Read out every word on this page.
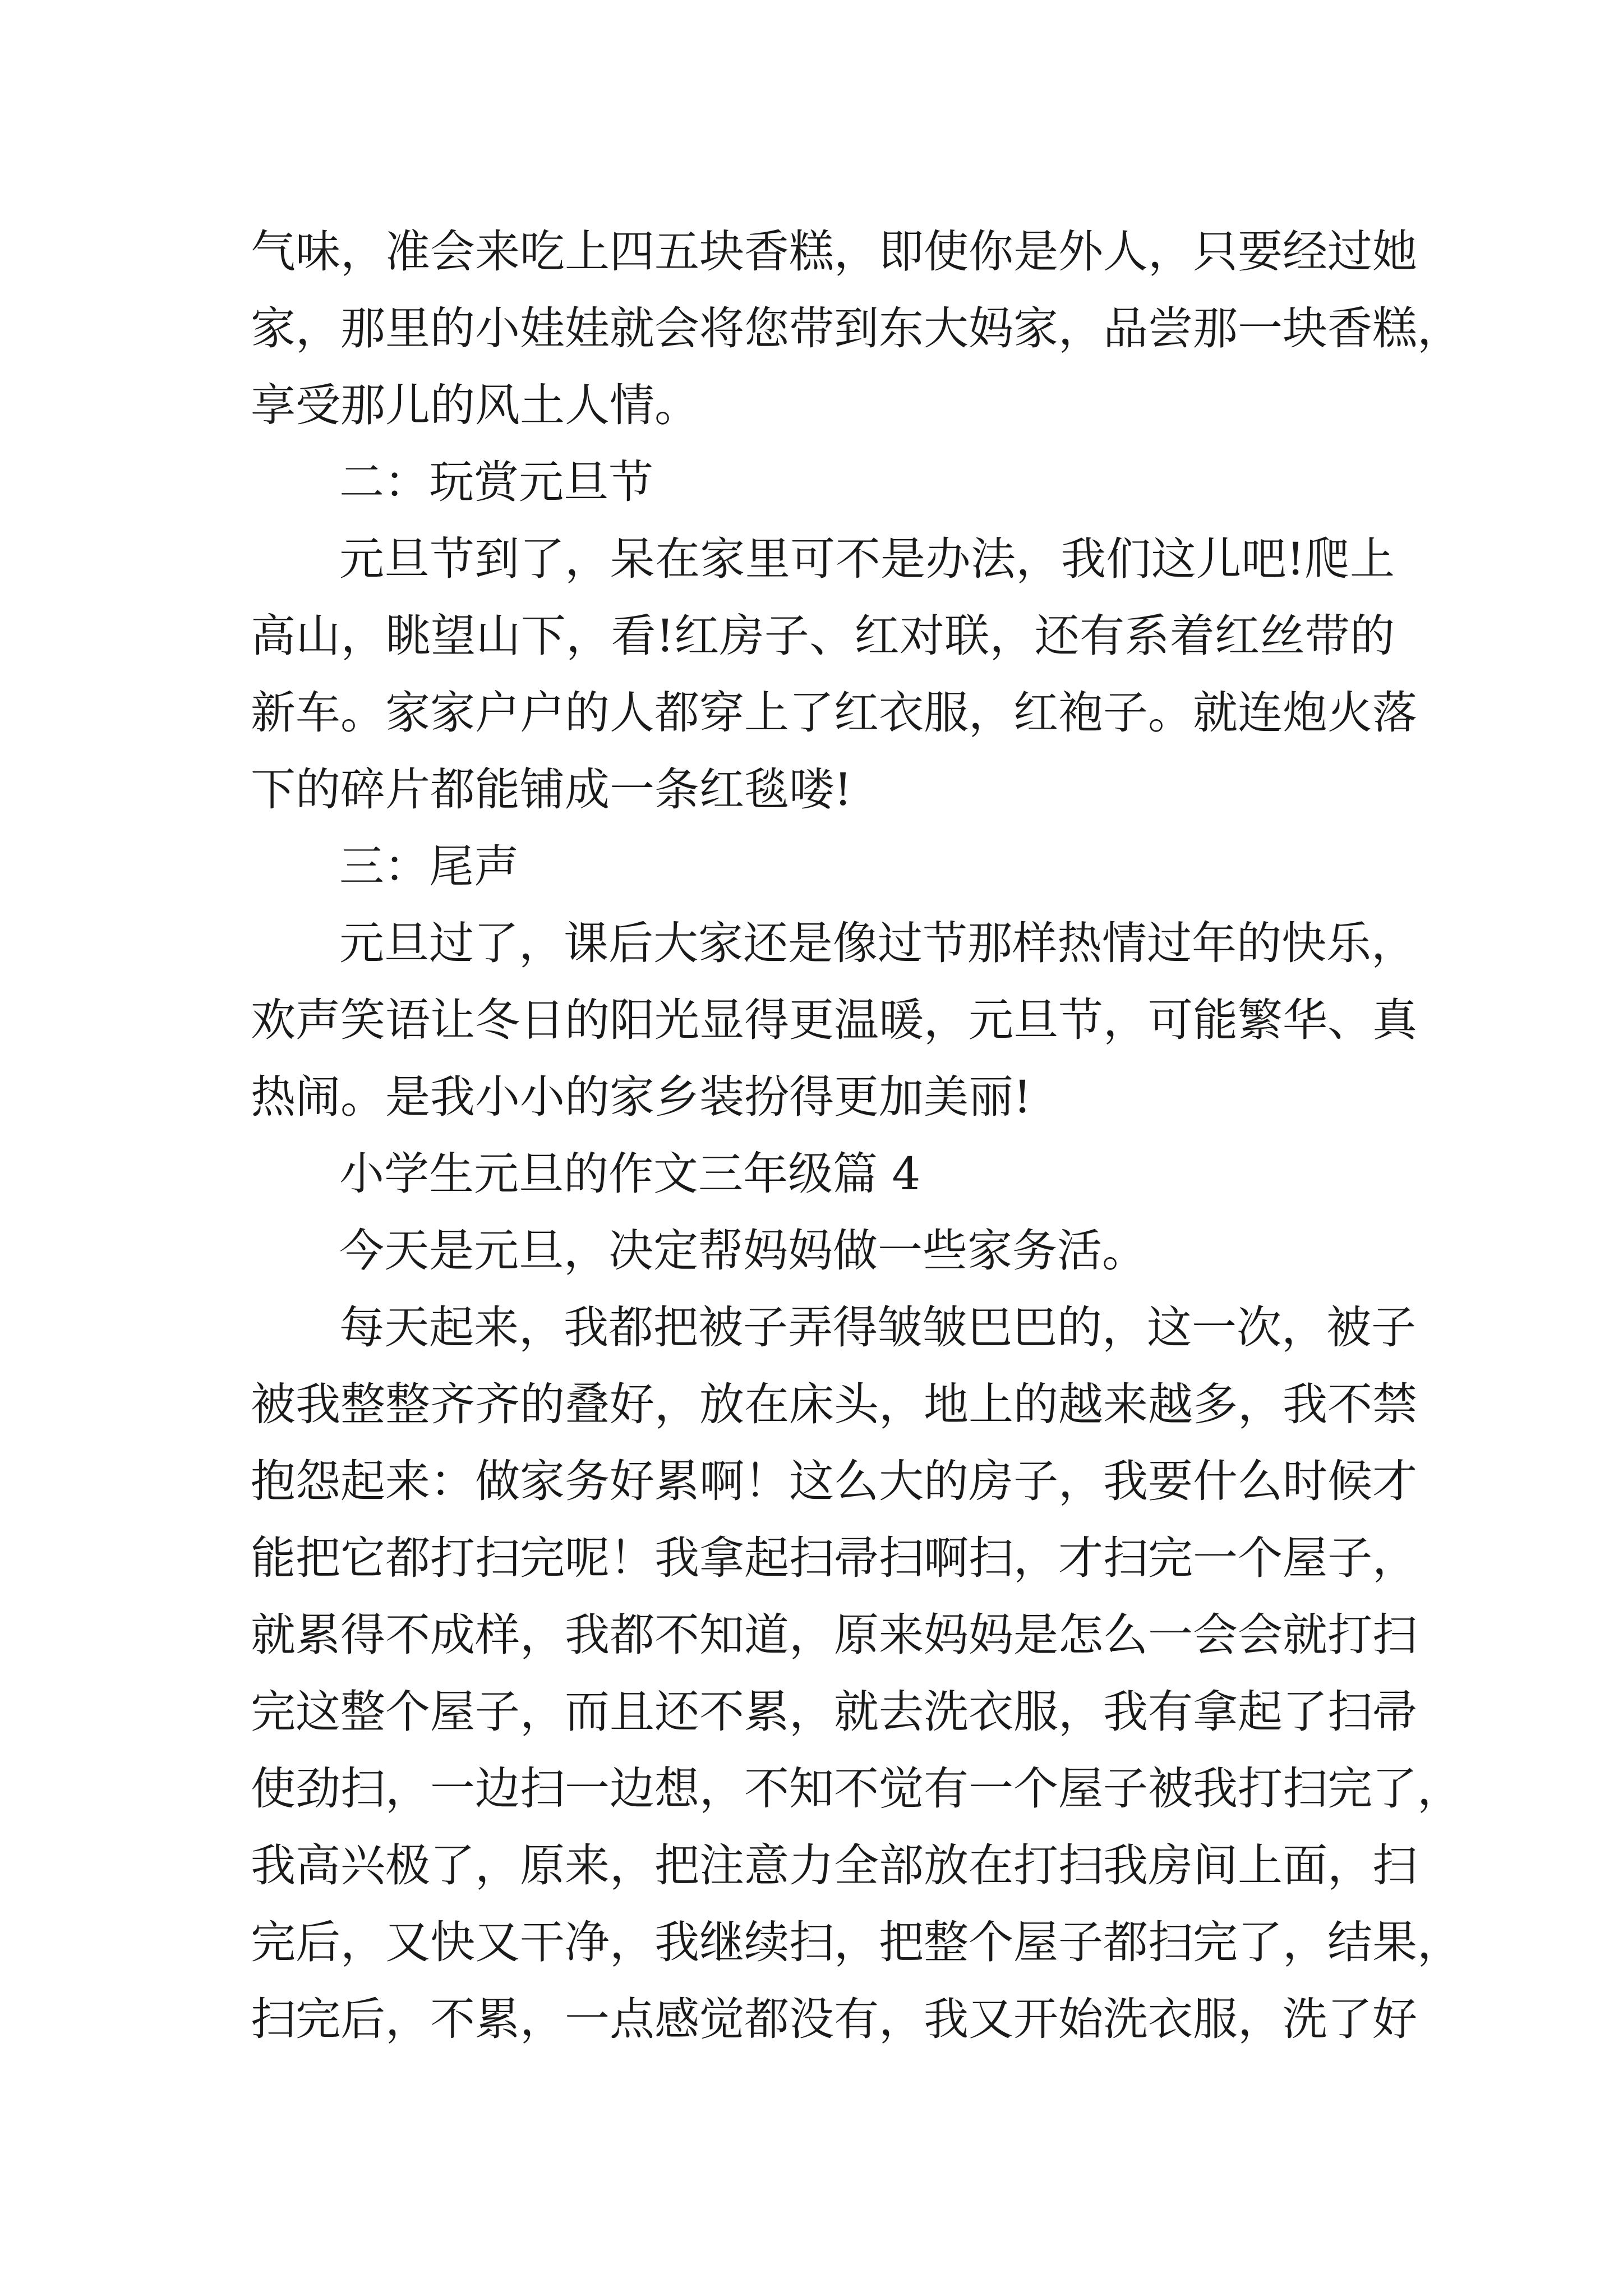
气味，准会来吃上四五块香糕，即使你是外人，只要经过她
家，那里的小娃娃就会将您带到东大妈家，品尝那一块香糕，
享受那儿的风土人情。
二：玩赏元旦节
元旦节到了，呆在家里可不是办法，我们这儿吧!爬上
高山，眺望山下，看!红房子、红对联，还有系着红丝带的
新车。家家户户的人都穿上了红衣服，红袍子。就连炮火落
下的碎片都能铺成一条红毯喽!
三：尾声
元旦过了，课后大家还是像过节那样热情过年的快乐，
欢声笑语让冬日的阳光显得更温暖，元旦节，可能繁华、真
热闹。是我小小的家乡装扮得更加美丽!
小学生元旦的作文三年级篇 4
今天是元旦，决定帮妈妈做一些家务活。
每天起来，我都把被子弄得皱皱巴巴的，这一次，被子
被我整整齐齐的叠好，放在床头，地上的越来越多，我不禁
抱怨起来：做家务好累啊！这么大的房子，我要什么时候才
能把它都打扫完呢！我拿起扫帚扫啊扫，才扫完一个屋子，
就累得不成样，我都不知道，原来妈妈是怎么一会会就打扫
完这整个屋子，而且还不累，就去洗衣服，我有拿起了扫帚
使劲扫，一边扫一边想，不知不觉有一个屋子被我打扫完了，
我高兴极了，原来，把注意力全部放在打扫我房间上面，扫
完后，又快又干净，我继续扫，把整个屋子都扫完了，结果，
扫完后，不累，一点感觉都没有，我又开始洗衣服，洗了好
